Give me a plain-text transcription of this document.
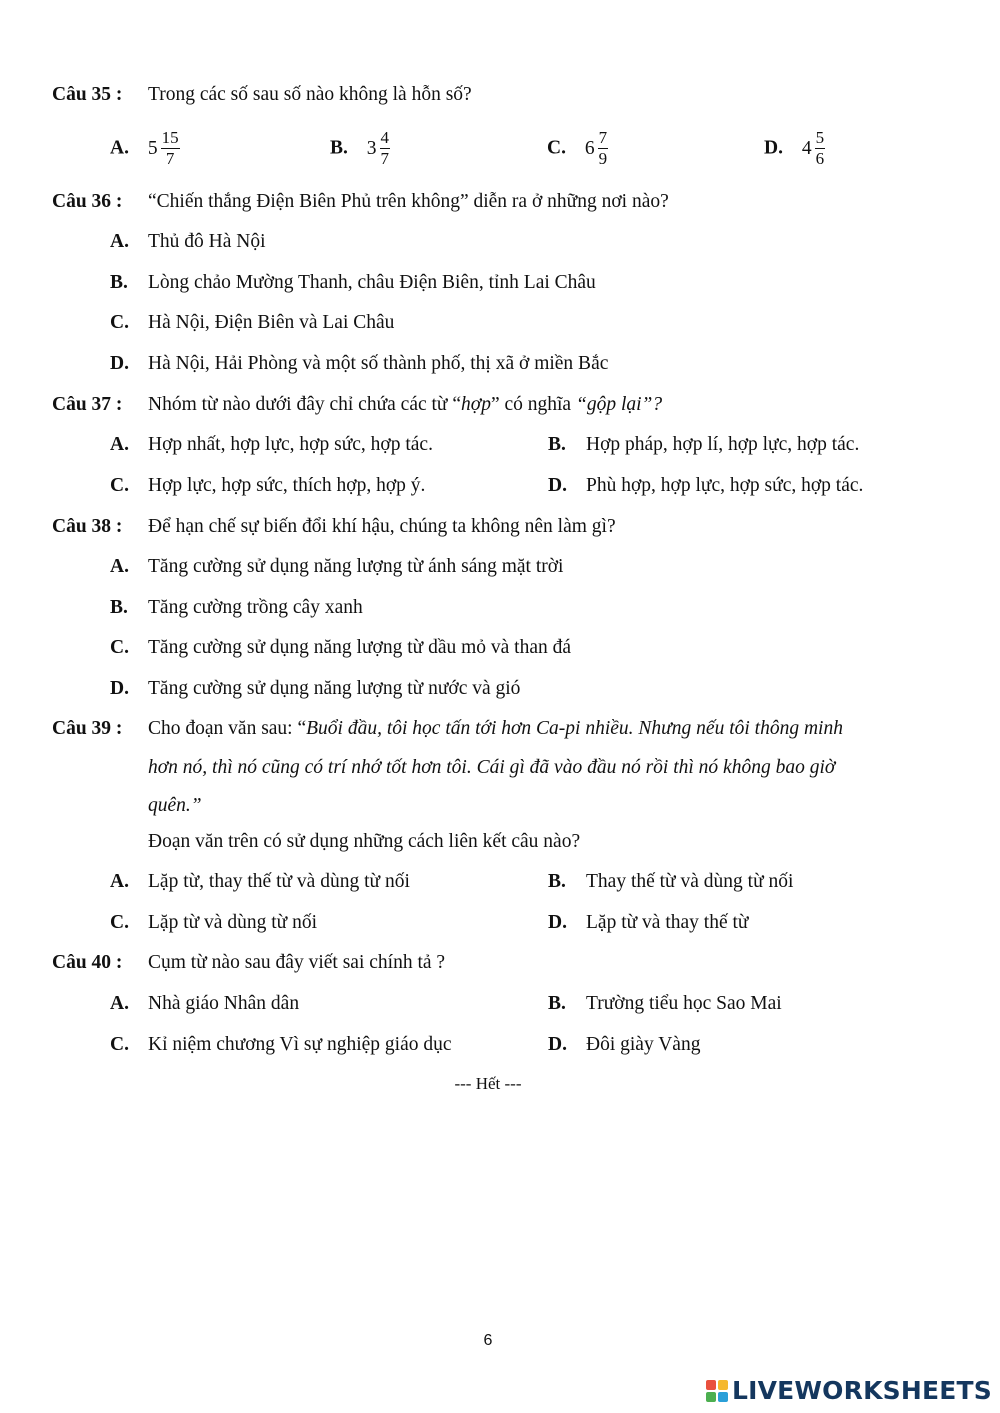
Câu 35 : Trong các số sau số nào không là hỗn số?
A. $5 \frac{15}{7}$	B. $3 \frac{4}{7}$	C. $6 \frac{7}{9}$	D. $4 \frac{5}{6}$
Câu 36 : “Chiến thắng Điện Biên Phủ trên không” diễn ra ở những nơi nào?
A. Thủ đô Hà Nội
B. Lòng chảo Mường Thanh, châu Điện Biên, tỉnh Lai Châu
C. Hà Nội, Điện Biên và Lai Châu
D. Hà Nội, Hải Phòng và một số thành phố, thị xã ở miền Bắc
Câu 37 : Nhóm từ nào dưới đây chỉ chứa các từ “hợp” có nghĩa “gộp lại”?
A. Hợp nhất, hợp lực, hợp sức, hợp tác.	B. Hợp pháp, hợp lí, hợp lực, hợp tác.
C. Hợp lực, hợp sức, thích hợp, hợp ý.	D. Phù hợp, hợp lực, hợp sức, hợp tác.
Câu 38 : Để hạn chế sự biến đổi khí hậu, chúng ta không nên làm gì?
A. Tăng cường sử dụng năng lượng từ ánh sáng mặt trời
B. Tăng cường trồng cây xanh
C. Tăng cường sử dụng năng lượng từ dầu mỏ và than đá
D. Tăng cường sử dụng năng lượng từ nước và gió
Câu 39 : Cho đoạn văn sau: “Buổi đầu, tôi học tấn tới hơn Ca-pi nhiều. Nhưng nếu tôi thông minh
hơn nó, thì nó cũng có trí nhớ tốt hơn tôi. Cái gì đã vào đầu nó rồi thì nó không bao giờ
quên.”
Đoạn văn trên có sử dụng những cách liên kết câu nào?
A. Lặp từ, thay thế từ và dùng từ nối	B. Thay thế từ và dùng từ nối
C. Lặp từ và dùng từ nối	D. Lặp từ và thay thế từ
Câu 40 : Cụm từ nào sau đây viết sai chính tả ?
A. Nhà giáo Nhân dân	B. Trường tiểu học Sao Mai
C. Kỉ niệm chương Vì sự nghiệp giáo dục	D. Đôi giày Vàng
--- Hết ---
6
LIVEWORKSHEETS
